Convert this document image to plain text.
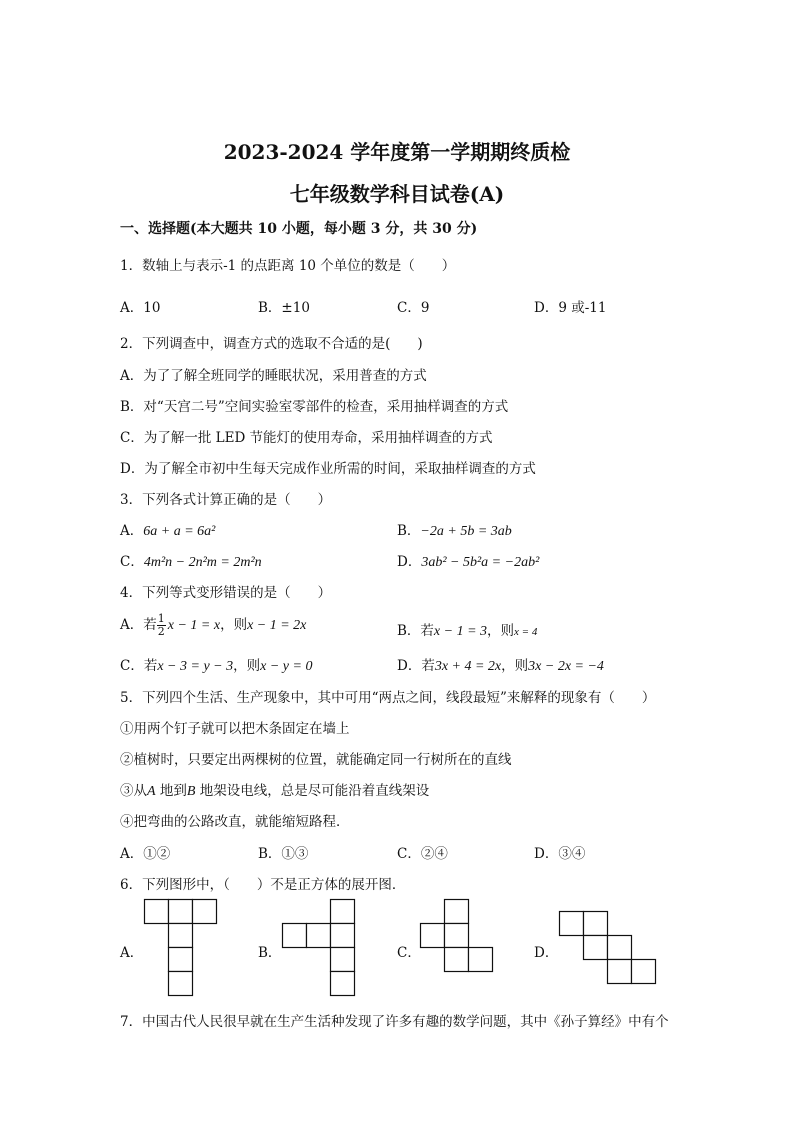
2023-2024 学年度第一学期期终质检
七年级数学科目试卷(A)
一、选择题(本大题共 10 小题，每小题 3 分，共 30 分)
1．数轴上与表示-1 的点距离 10 个单位的数是（　　）
A．10	B．±10	C．9	D．9 或-11
2．下列调查中，调查方式的选取不合适的是(　　)
A．为了了解全班同学的睡眠状况，采用普查的方式
B．对“天宫二号”空间实验室零部件的检查，采用抽样调查的方式
C．为了解一批 LED 节能灯的使用寿命，采用抽样调查的方式
D．为了解全市初中生每天完成作业所需的时间，采取抽样调查的方式
3．下列各式计算正确的是（　　）
A．6a + a = 6a²	B．−2a + 5b = 3ab
C．4m²n − 2n²m = 2m²n	D．3ab² − 5b²a = −2ab²
4．下列等式变形错误的是（　　）
A．若 $\frac{1}{2}$ x − 1 = x，则x − 1 = 2x	B．若x − 1 = 3，则x = 4
C．若x − 3 = y − 3，则x − y = 0	D．若3x + 4 = 2x，则3x − 2x = −4
5．下列四个生活、生产现象中，其中可用“两点之间，线段最短”来解释的现象有（　　）
①用两个钉子就可以把木条固定在墙上
②植树时，只要定出两棵树的位置，就能确定同一行树所在的直线
③从A 地到B 地架设电线，总是尽可能沿着直线架设
④把弯曲的公路改直，就能缩短路程．
A．①②	B．①③	C．②④	D．③④
6．下列图形中，（　　）不是正方体的展开图．
A．	B．	C．	D．
7．中国古代人民很早就在生产生活种发现了许多有趣的数学问题，其中《孙子算经》中有个
